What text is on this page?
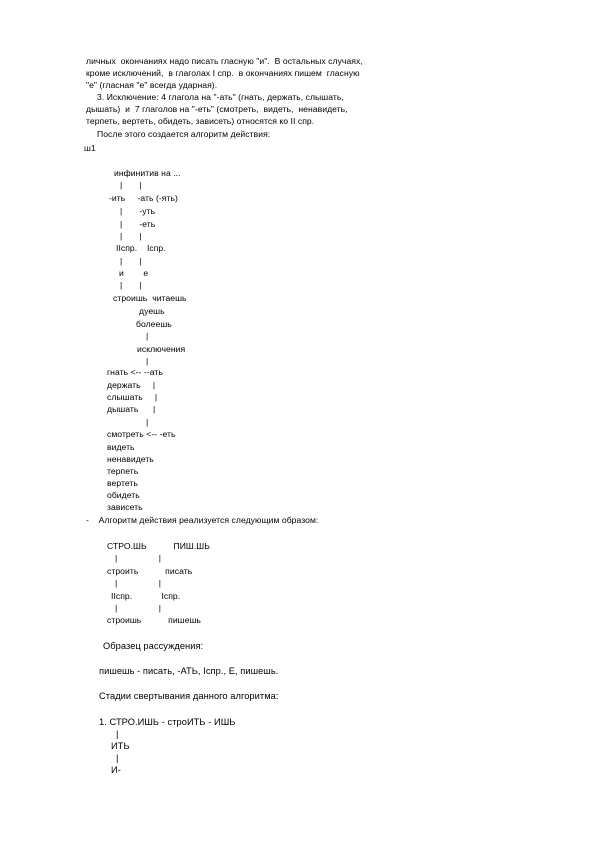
личных  окончаниях надо писать гласную "и".  В остальных случаях,
кроме исключений,  в глаголах I спр.  в окончаниях пишем  гласную
"е" (гласная "е" всегда ударная).
3. Исключение: 4 глагола на "-ать" (гнать, держать, слышать,
дышать)  и  7 глаголов на "-еть" (смотреть,  видеть,  ненавидеть,
терпеть, вертеть, обидеть, зависеть) относятся ко II спр.
После этого создается алгоритм действия:
ш1
инфинитив на ...
|       |
-ить     -ать (-ять)
|       -уть
|       -еть
|       |
IIспр.    Iспр.
|       |
и        е
|       |
строишь  читаешь
дуешь
болеешь
|
исключения
|
гнать <-- --ать
держать     |
слышать     |
дышать      |
|
смотреть <-- -еть
видеть
ненавидеть
терпеть
вертеть
обидеть
зависеть
-    Алгоритм действия реализуется следующим образом:
СТРО.ШЬ           ПИШ.ШЬ
|                 |
строить           писать
|                 |
IIспр.            Iспр.
|                 |
строишь           пишешь
Образец рассуждения:
пишешь - писать, -АТЬ, Iспр., Е, пишешь.
Стадии свертывания данного алгоритма:
1. СТРО.ИШЬ - строИТЬ - ИШЬ
|
ИТЬ
|
И-
